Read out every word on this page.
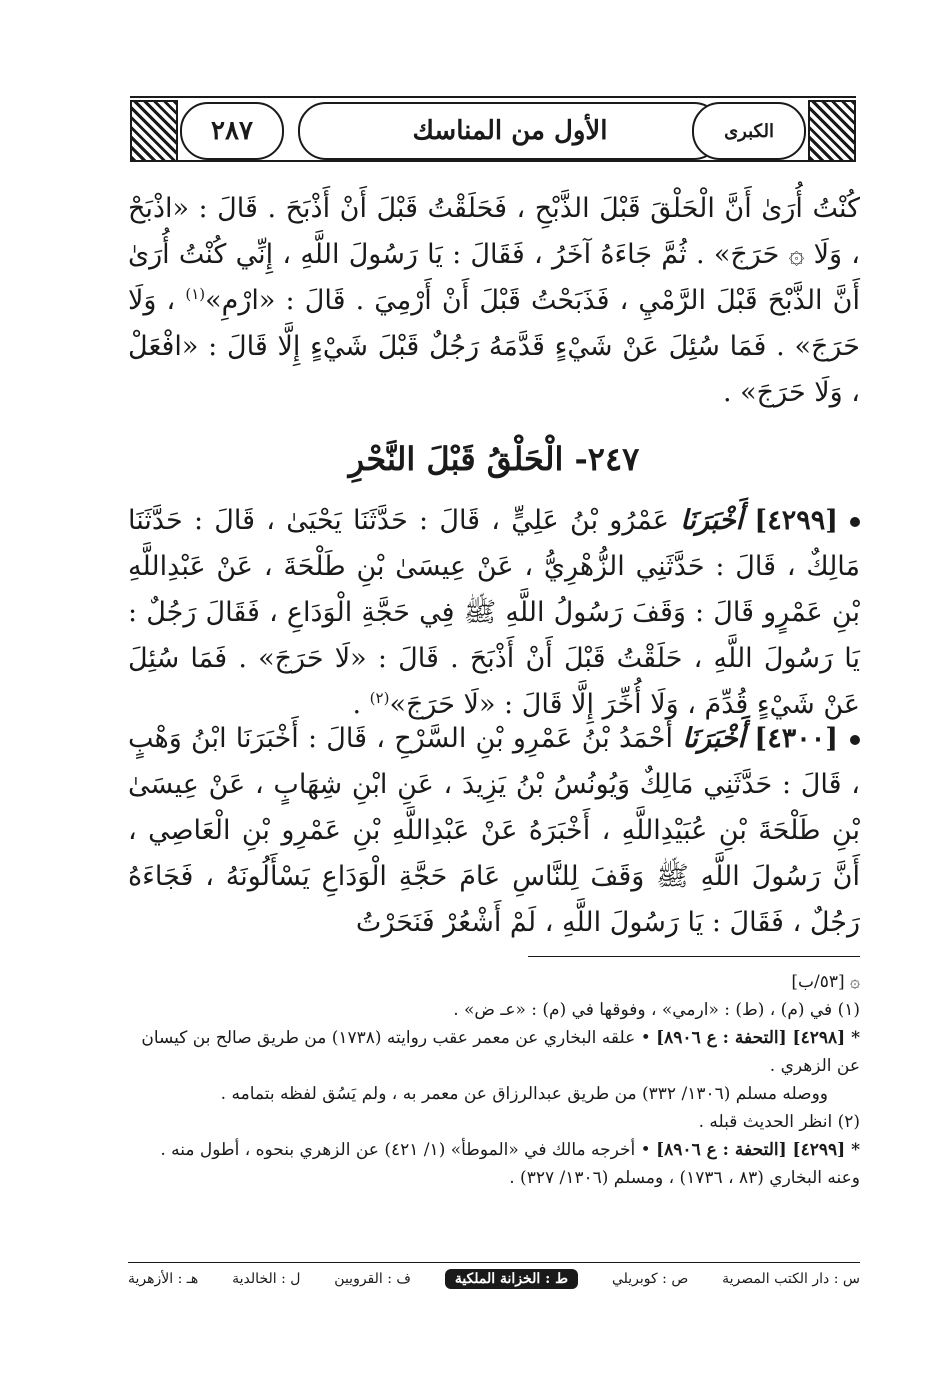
٢٨٧	الأول من المناسك	الكبرى
كُنْتُ أُرَىٰ أَنَّ الْحَلْقَ قَبْلَ الذَّبْحِ ، فَحَلَقْتُ قَبْلَ أَنْ أَذْبَحَ . قَالَ : «اذْبَحْ ، وَلَا ۞ حَرَجَ» . ثُمَّ جَاءَهُ آخَرُ ، فَقَالَ : يَا رَسُولَ اللَّهِ ، إِنِّي كُنْتُ أُرَىٰ أَنَّ الذَّبْحَ قَبْلَ الرَّمْيِ ، فَذَبَحْتُ قَبْلَ أَنْ أَرْمِيَ . قَالَ : «ارْمِ»$^{(١)}$ ، وَلَا حَرَجَ» . فَمَا سُئِلَ عَنْ شَيْءٍ قَدَّمَهُ رَجُلٌ قَبْلَ شَيْءٍ إِلَّا قَالَ : «افْعَلْ ، وَلَا حَرَجَ» .
٢٤٧- الْحَلْقُ قَبْلَ النَّحْرِ
[٤٢٩٩] أَخْبَرَنَا عَمْرُو بْنُ عَلِيٍّ ، قَالَ : حَدَّثَنَا يَحْيَىٰ ، قَالَ : حَدَّثَنَا مَالِكٌ ، قَالَ : حَدَّثَنِي الزُّهْرِيُّ ، عَنْ عِيسَىٰ بْنِ طَلْحَةَ ، عَنْ عَبْدِاللَّهِ بْنِ عَمْرٍو قَالَ : وَقَفَ رَسُولُ اللَّهِ ﷺ فِي حَجَّةِ الْوَدَاعِ ، فَقَالَ رَجُلٌ : يَا رَسُولَ اللَّهِ ، حَلَقْتُ قَبْلَ أَنْ أَذْبَحَ . قَالَ : «لَا حَرَجَ» . فَمَا سُئِلَ عَنْ شَيْءٍ قُدِّمَ ، وَلَا أُخِّرَ إِلَّا قَالَ : «لَا حَرَجَ»$^{(٢)}$ .
[٤٣٠٠] أَخْبَرَنَا أَحْمَدُ بْنُ عَمْرِو بْنِ السَّرْحِ ، قَالَ : أَخْبَرَنَا ابْنُ وَهْبٍ ، قَالَ : حَدَّثَنِي مَالِكٌ وَيُونُسُ بْنُ يَزِيدَ ، عَنِ ابْنِ شِهَابٍ ، عَنْ عِيسَىٰ بْنِ طَلْحَةَ بْنِ عُبَيْدِاللَّهِ ، أَخْبَرَهُ عَنْ عَبْدِاللَّهِ بْنِ عَمْرِو بْنِ الْعَاصِي ، أَنَّ رَسُولَ اللَّهِ ﷺ وَقَفَ لِلنَّاسِ عَامَ حَجَّةِ الْوَدَاعِ يَسْأَلُونَهُ ، فَجَاءَهُ رَجُلٌ ، فَقَالَ : يَا رَسُولَ اللَّهِ ، لَمْ أَشْعُرْ فَنَحَرْتُ
۞ [٥٣/ب]
(١) في (م) ، (ط) : «ارمي» ، وفوقها في (م) : «عـ ض» .
* [٤٢٩٨] [التحفة : ع ٨٩٠٦] • علقه البخاري عن معمر عقب روايته (١٧٣٨) من طريق صالح بن كيسان عن الزهري .
ووصله مسلم (١٣٠٦/ ٣٣٢) من طريق عبدالرزاق عن معمر به ، ولم يَسُق لفظه بتمامه .
(٢) انظر الحديث قبله .
* [٤٢٩٩] [التحفة : ع ٨٩٠٦] • أخرجه مالك في «الموطأ» (١/ ٤٢١) عن الزهري بنحوه ، أطول منه . وعنه البخاري (٨٣ ، ١٧٣٦) ، ومسلم (١٣٠٦/ ٣٢٧) .
س : دار الكتب المصرية
ص : كوبريلي
ط : الخزانة الملكية
ف : القرويين
ل : الخالدية
هـ : الأزهرية
